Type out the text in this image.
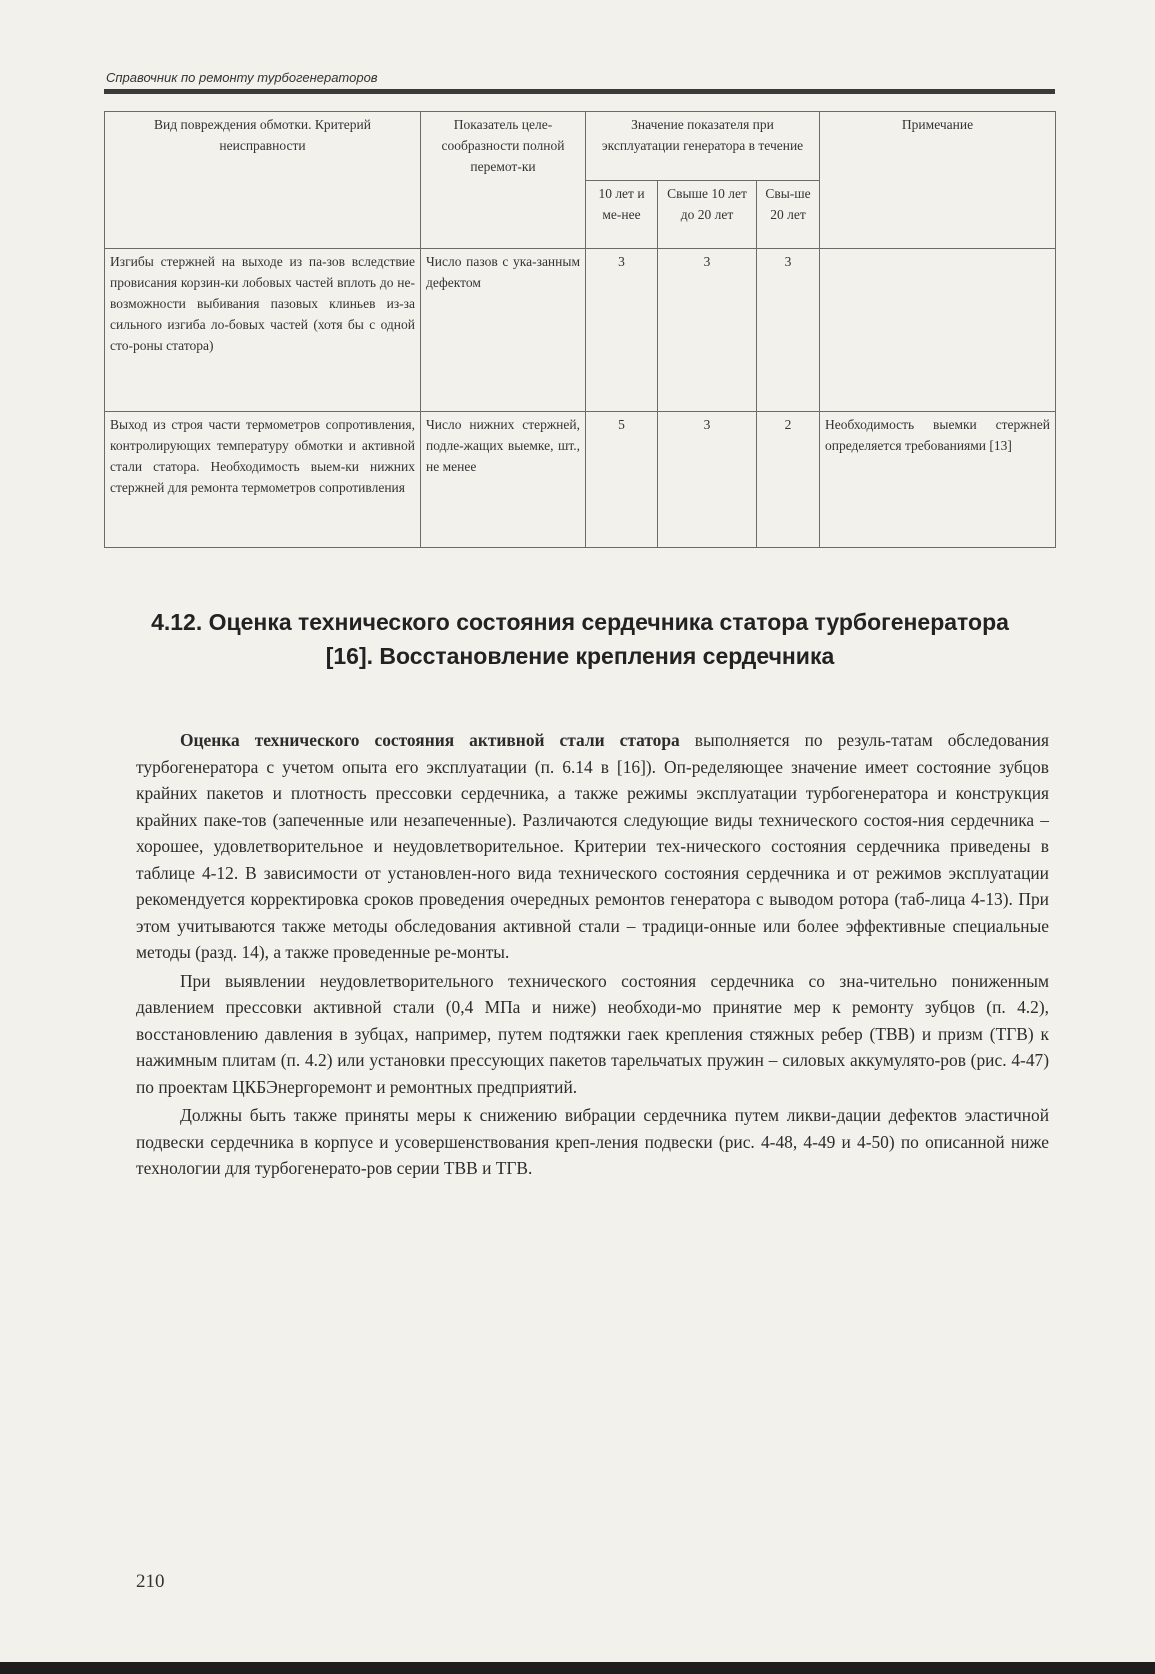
Справочник по ремонту турбогенераторов
Вид повреждения обмотки. Критерий неисправности	Показатель целе-сообразности полной перемот-ки	Значение показателя при эксплуатации генератора в течение			Примечание
		10 лет и ме-нее	Свыше 10 лет до 20 лет	Свы-ше 20 лет	
Изгибы стержней на выходе из па-зов вследствие провисания корзин-ки лобовых частей вплоть до не-возможности выбивания пазовых клиньев из-за сильного изгиба ло-бовых частей (хотя бы с одной сто-роны статора)	Число пазов с ука-занным дефектом	3	3	3	
Выход из строя части термометров сопротивления, контролирующих температуру обмотки и активной стали статора. Необходимость выем-ки нижних стержней для ремонта термометров сопротивления	Число нижних стержней, подле-жащих выемке, шт., не менее	5	3	2	Необходимость выемки стержней определяется требованиями [13]
4.12. Оценка технического состояния сердечника статора турбогенератора [16]. Восстановление крепления сердечника

Оценка технического состояния активной стали статора выполняется по резуль-татам обследования турбогенератора с учетом опыта его эксплуатации (п. 6.14 в [16]). Оп-ределяющее значение имеет состояние зубцов крайних пакетов и плотность прессовки сердечника, а также режимы эксплуатации турбогенератора и конструкция крайних паке-тов (запеченные или незапеченные). Различаются следующие виды технического состоя-ния сердечника – хорошее, удовлетворительное и неудовлетворительное. Критерии тех-нического состояния сердечника приведены в таблице 4-12. В зависимости от установлен-ного вида технического состояния сердечника и от режимов эксплуатации рекомендуется корректировка сроков проведения очередных ремонтов генератора с выводом ротора (таб-лица 4-13). При этом учитываются также методы обследования активной стали – традици-онные или более эффективные специальные методы (разд. 14), а также проведенные ре-монты.

При выявлении неудовлетворительного технического состояния сердечника со зна-чительно пониженным давлением прессовки активной стали (0,4 МПа и ниже) необходи-мо принятие мер к ремонту зубцов (п. 4.2), восстановлению давления в зубцах, например, путем подтяжки гаек крепления стяжных ребер (ТВВ) и призм (ТГВ) к нажимным плитам (п. 4.2) или установки прессующих пакетов тарельчатых пружин – силовых аккумулято-ров (рис. 4-47) по проектам ЦКБЭнергоремонт и ремонтных предприятий.

Должны быть также приняты меры к снижению вибрации сердечника путем ликви-дации дефектов эластичной подвески сердечника в корпусе и усовершенствования креп-ления подвески (рис. 4-48, 4-49 и 4-50) по описанной ниже технологии для турбогенерато-ров серии ТВВ и ТГВ.

210
